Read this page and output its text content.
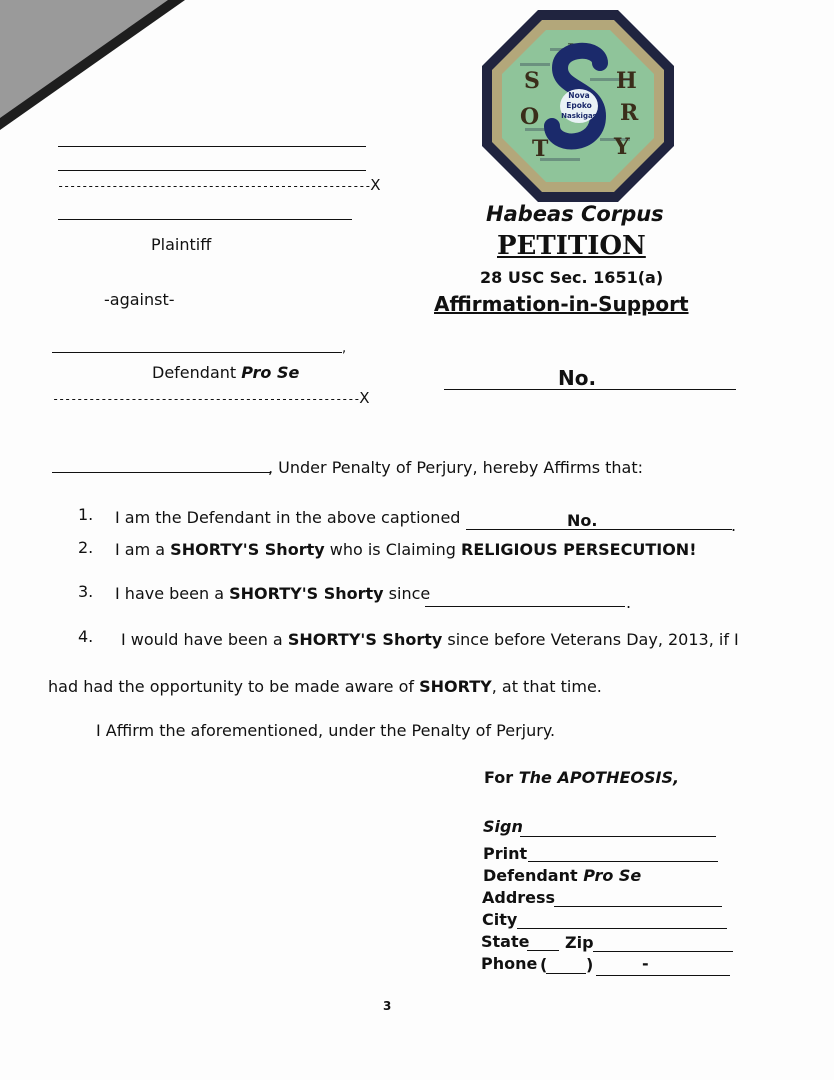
TM
Nova
Epoko
Naskigas
S	H
O	R
T	Y
Habeas Corpus
PETITION
28 USC Sec. 1651(a)
Affirmation-in-Support
----------------------------------------------------X
Plaintiff
-against-
,
Defendant Pro Se
---------------------------------------------------X
No.
, Under Penalty of Perjury, hereby Affirms that:
1. I am the Defendant in the above captioned	No.	.
2. I am a SHORTY'S Shorty who is Claiming RELIGIOUS PERSECUTION!
3. I have been a SHORTY'S Shorty since	.
4. I would have been a SHORTY'S Shorty since before Veterans Day, 2013, if I
had had the opportunity to be made aware of SHORTY, at that time.
I Affirm the aforementioned, under the Penalty of Perjury.
For The APOTHEOSIS,
Sign
Print
Defendant Pro Se
Address
City
State Zip
Phone ( )	-
3
